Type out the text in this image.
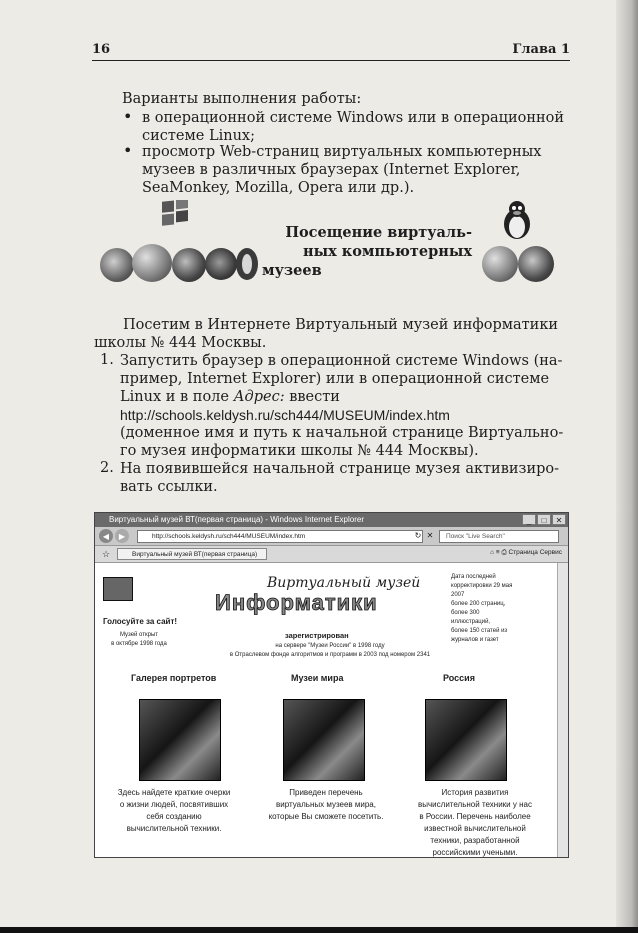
16	Глава 1
Варианты выполнения работы:
• в операционной системе Windows или в операционной
системе Linux;
• просмотр Web-страниц виртуальных компьютерных
музеев в различных браузерах (Internet Explorer,
SeaMonkey, Mozilla, Opera или др.).
Посещение виртуаль-
ных компьютерных
музеев
Посетим в Интернете Виртуальный музей информатики
школы № 444 Москвы.
1. Запустить браузер в операционной системе Windows (на-
пример, Internet Explorer) или в операционной системе
Linux и в поле Адрес: ввести
http://schools.keldysh.ru/sch444/MUSEUM/index.htm
(доменное имя и путь к начальной странице Виртуально-
го музея информатики школы № 444 Москвы).
2. На появившейся начальной странице музея активизиро-
вать ссылки.
Виртуальный музей ВТ(первая страница) - Windows Internet Explorer	_	□	✕
◀	▶	http://schools.keldysh.ru/sch444/MUSEUM/index.htm	↻ ✕	Поиск "Live Search"
☆	Виртуальный музей ВТ(первая страница)	⌂ ≡ ⎙ Страница Сервис
Голосуйте за сайт!
Музей открыт
в октябре 1998 года
Виртуальный музей
Информатики
зарегистрирован
на сервере "Музеи России" в 1998 году
в Отраслевом фонде алгоритмов и программ в 2003 под номером 2341
Дата последней
корректировки 29 мая
2007
более 200 страниц,
более 300
иллюстраций,
более 150 статей из
журналов и газет
Галерея портретов	Музеи мира	Россия
Здесь найдете краткие очерки
о жизни людей, посвятивших
себя созданию
вычислительной техники.
Приведен перечень
виртуальных музеев мира,
которые Вы сможете посетить.
История развития
вычислительной техники у нас
в России. Перечень наиболее
известной вычислительной
техники, разработанной
российскими учеными.
